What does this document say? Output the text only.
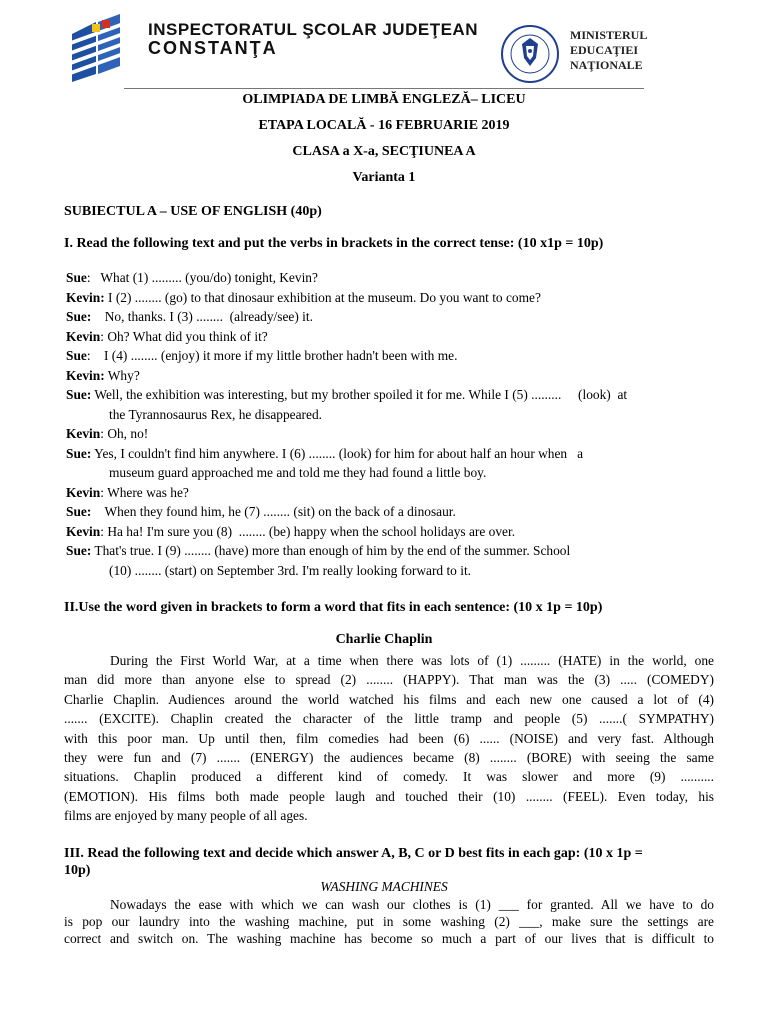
INSPECTORATUL ŞCOLAR JUDEŢEAN
CONSTANŢA
MINISTERUL
EDUCAŢIEI
NAŢIONALE
OLIMPIADA DE LIMBĂ ENGLEZĂ– LICEU
ETAPA LOCALĂ - 16 FEBRUARIE 2019
CLASA a X-a, SECŢIUNEA A
Varianta 1
SUBIECTUL A – USE OF ENGLISH (40p)
I. Read the following text and put the verbs in brackets in the correct tense: (10 x1p = 10p)
Sue:   What (1) ......... (you/do) tonight, Kevin?
Kevin: I (2) ........ (go) to that dinosaur exhibition at the museum. Do you want to come?
Sue:    No, thanks. I (3) ........  (already/see) it.
Kevin: Oh? What did you think of it?
Sue:    I (4) ........ (enjoy) it more if my little brother hadn't been with me.
Kevin: Why?
Sue: Well, the exhibition was interesting, but my brother spoiled it for me. While I (5) .........     (look)  at
the Tyrannosaurus Rex, he disappeared.
Kevin: Oh, no!
Sue: Yes, I couldn't find him anywhere. I (6) ........ (look) for him for about half an hour when   a
museum guard approached me and told me they had found a little boy.
Kevin: Where was he?
Sue:    When they found him, he (7) ........ (sit) on the back of a dinosaur.
Kevin: Ha ha! I'm sure you (8)  ........ (be) happy when the school holidays are over.
Sue: That's true. I (9) ........ (have) more than enough of him by the end of the summer. School
(10) ........ (start) on September 3rd. I'm really looking forward to it.
II.Use the word given in brackets to form a word that fits in each sentence: (10 x 1p = 10p)
Charlie Chaplin
During the First World War, at a time when there was lots of (1) ......... (HATE) in the world, one
man did more than anyone else to spread (2) ........ (HAPPY). That man was the (3) ..... (COMEDY)
Charlie Chaplin. Audiences around the world watched his films and each new one caused a lot of (4)
....... (EXCITE). Chaplin created the character of the little tramp and people (5) .......( SYMPATHY)
with this poor man. Up until then, film comedies had been (6) ...... (NOISE) and very fast. Although
they were fun and (7) ....... (ENERGY) the audiences became (8) ........ (BORE) with seeing the same
situations. Chaplin produced a different kind of comedy. It was slower and more (9) ..........
(EMOTION). His films both made people laugh and touched their (10) ........ (FEEL). Even today, his
films are enjoyed by many people of all ages.
III. Read the following text and decide which answer A, B, C or D best fits in each gap: (10 x 1p =
10p)
WASHING MACHINES
Nowadays the ease with which we can wash our clothes is (1) ___ for granted. All we have to do
is pop our laundry into the washing machine, put in some washing (2) ___, make sure the settings are
correct and switch on. The washing machine has become so much a part of our lives that is difficult to
